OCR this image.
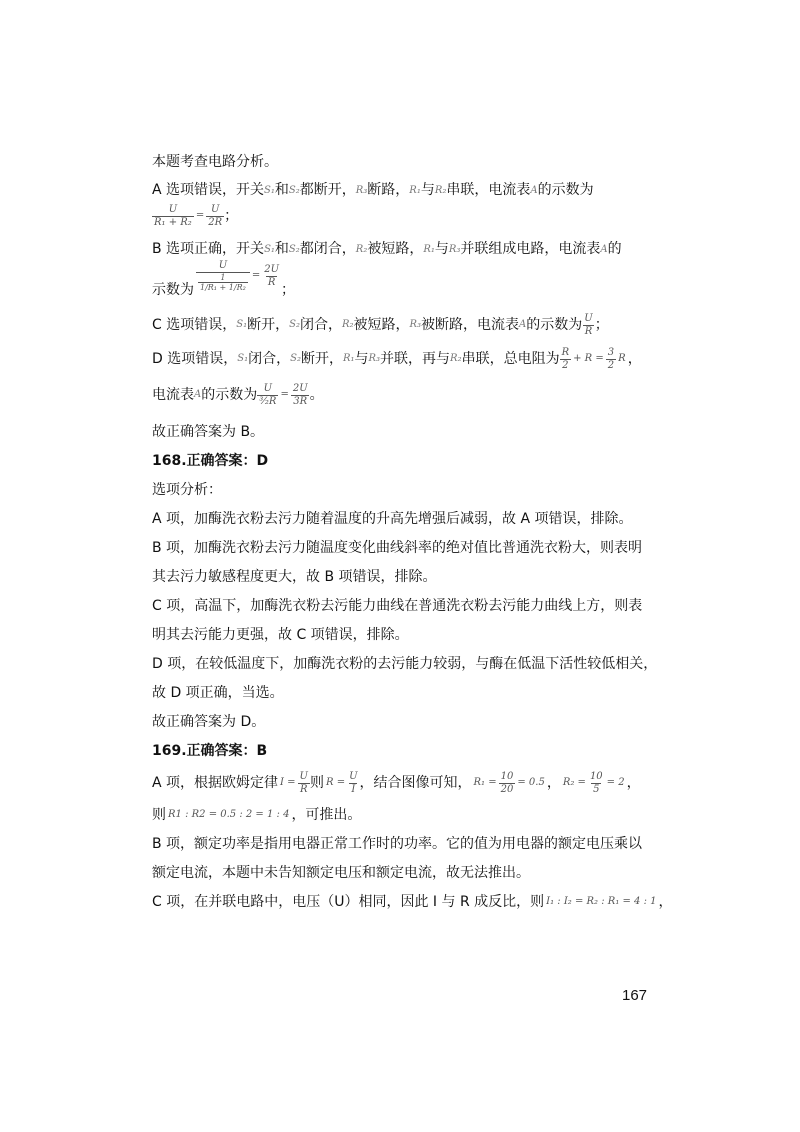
本题考查电路分析。

A 选项错误，开关S₁和S₂都断开，R₃断路，R₁与R₂串联，电流表A的示数为

$\frac{U}{\text{R₁ + R₂}} = \frac{U}{2R}$ ；

B 选项正确，开关S₁和S₂都闭合，R₂被短路，R₁与R₃并联组成电路，电流表A的

示数为 $\frac{U}{\frac{1}{\text{1/R₁ + 1/R₂}}} = \frac{2U}{R}$
；
C 选项错误， S₁ 断开， S₂ 闭合， R₂ 被短路， R₃ 被断路，电流表 A 的示数为 $\frac{U}{R}$ ；
D 选项错误， S₁ 闭合， S₂ 断开， R₁ 与 R₃ 并联，再与 R₂ 串联，总电阻为 $\frac{R}{2} + R = \frac{3}{2}$ R ，
电流表 A 的示数为 $\frac{U}{\text{³⁄₂R}} = \frac{2U}{3R}$ 。

故正确答案为 B。

168.正确答案：D

选项分析：

A 项，加酶洗衣粉去污力随着温度的升高先增强后减弱，故 A 项错误，排除。

B 项，加酶洗衣粉去污力随温度变化曲线斜率的绝对值比普通洗衣粉大，则表明

其去污力敏感程度更大，故 B 项错误，排除。

C 项，高温下，加酶洗衣粉去污能力曲线在普通洗衣粉去污能力曲线上方，则表

明其去污能力更强，故 C 项错误，排除。

D 项，在较低温度下，加酶洗衣粉的去污能力较弱，与酶在低温下活性较低相关，

故 D 项正确，当选。

故正确答案为 D。

169.正确答案：B

A 项，根据欧姆定律 $I = \frac{U}{R}$ 则 $R = \frac{U}{I}$ ，结合图像可知， $R_1 = \frac{10}{20} = 0.5$ ， $R_2 = \frac{10}{5} = 2$ ，

则 R1 : R2 = 0.5 : 2 = 1 : 4 ，可推出。

B 项，额定功率是指用电器正常工作时的功率。它的值为用电器的额定电压乘以

额定电流，本题中未告知额定电压和额定电流，故无法推出。

C 项，在并联电路中，电压（U）相同，因此 I 与 R 成反比，则 I₁ : I₂ = R₂ : R₁ = 4 : 1 ，

167
